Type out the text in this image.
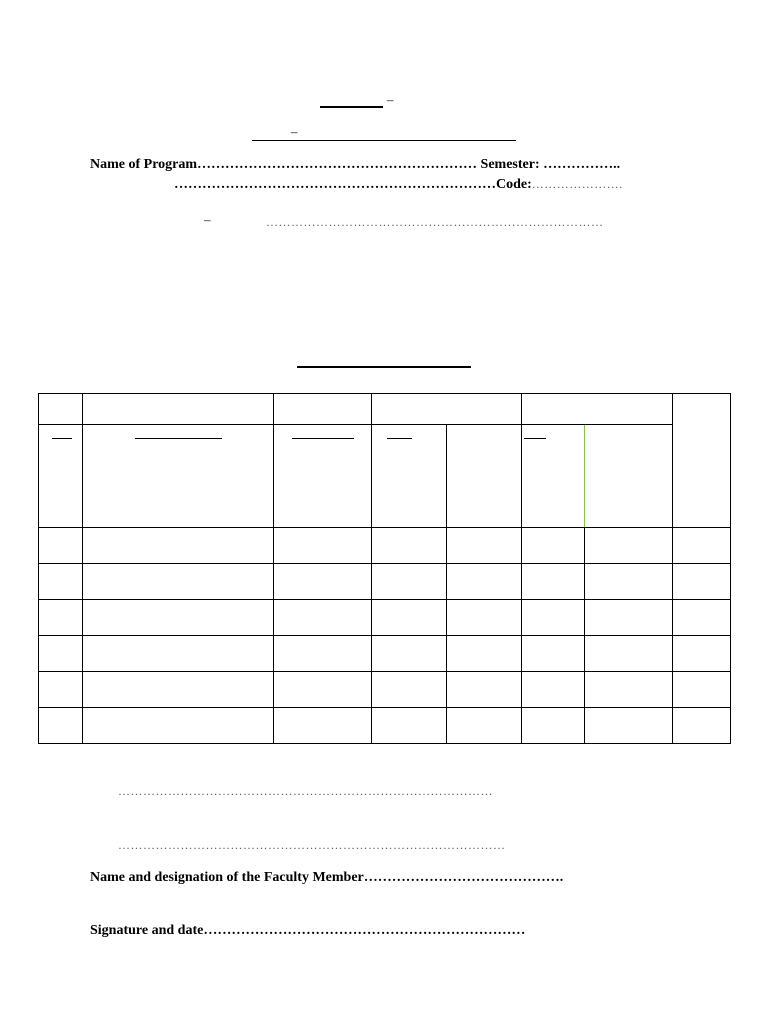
–
–
Name of Program…………………………………………………… Semester: ……………..
……………………………………………………………Code:………………….
–	………………………………………………………………………

………………………………………………………………………………
…………………………………………………………………………………
Name and designation of the Faculty Member…………………………………….
Signature and date……………………………………………………………
